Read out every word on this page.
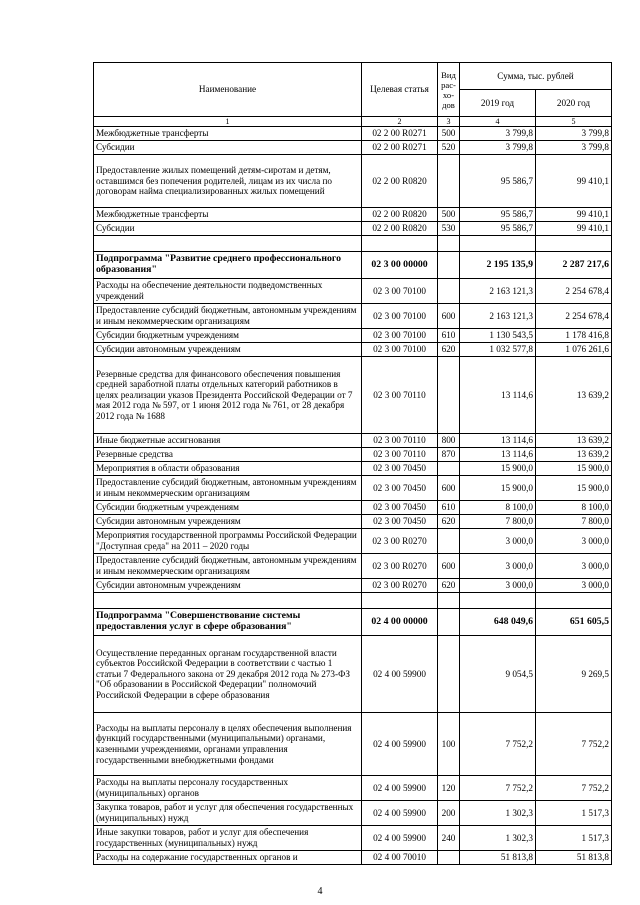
Наименование	Целевая статья	Вид рас-хо-дов	Сумма, тыс. рублей	
			2019 год	2020 год
1	2	3	4	5
Межбюджетные трансферты	02 2 00 R0271	500	3 799,8	3 799,8
Субсидии	02 2 00 R0271	520	3 799,8	3 799,8
Предоставление жилых помещений детям-сиротам и детям, оставшимся без попечения родителей, лицам из их числа по договорам найма специализированных жилых помещений	02 2 00 R0820		95 586,7	99 410,1
Межбюджетные трансферты	02 2 00 R0820	500	95 586,7	99 410,1
Субсидии	02 2 00 R0820	530	95 586,7	99 410,1

Подпрограмма "Развитие среднего профессионального образования"	02 3 00 00000		2 195 135,9	2 287 217,6
Расходы на обеспечение деятельности подведомственных учреждений	02 3 00 70100		2 163 121,3	2 254 678,4
Предоставление субсидий бюджетным, автономным учреждениям и иным некоммерческим организациям	02 3 00 70100	600	2 163 121,3	2 254 678,4
Субсидии бюджетным учреждениям	02 3 00 70100	610	1 130 543,5	1 178 416,8
Субсидии автономным учреждениям	02 3 00 70100	620	1 032 577,8	1 076 261,6
Резервные средства для финансового обеспечения повышения средней заработной платы отдельных категорий работников в целях реализации указов Президента Российской Федерации от 7 мая 2012 года № 597, от 1 июня 2012 года № 761, от 28 декабря 2012 года № 1688	02 3 00 70110		13 114,6	13 639,2
Иные бюджетные ассигнования	02 3 00 70110	800	13 114,6	13 639,2
Резервные средства	02 3 00 70110	870	13 114,6	13 639,2
Мероприятия в области образования	02 3 00 70450		15 900,0	15 900,0
Предоставление субсидий бюджетным, автономным учреждениям и иным некоммерческим организациям	02 3 00 70450	600	15 900,0	15 900,0
Субсидии бюджетным учреждениям	02 3 00 70450	610	8 100,0	8 100,0
Субсидии автономным учреждениям	02 3 00 70450	620	7 800,0	7 800,0
Мероприятия государственной программы Российской Федерации "Доступная среда" на 2011 – 2020 годы	02 3 00 R0270		3 000,0	3 000,0
Предоставление субсидий бюджетным, автономным учреждениям и иным некоммерческим организациям	02 3 00 R0270	600	3 000,0	3 000,0
Субсидии автономным учреждениям	02 3 00 R0270	620	3 000,0	3 000,0

Подпрограмма "Совершенствование системы предоставления услуг в сфере образования"	02 4 00 00000		648 049,6	651 605,5
Осуществление переданных органам государственной власти субъектов Российской Федерации в соответствии с частью 1 статьи 7 Федерального закона от 29 декабря 2012 года № 273-ФЗ "Об образовании в Российской Федерации" полномочий Российской Федерации в сфере образования	02 4 00 59900		9 054,5	9 269,5
Расходы на выплаты персоналу в целях обеспечения выполнения функций государственными (муниципальными) органами, казенными учреждениями, органами управления государственными внебюджетными фондами	02 4 00 59900	100	7 752,2	7 752,2
Расходы на выплаты персоналу государственных (муниципальных) органов	02 4 00 59900	120	7 752,2	7 752,2
Закупка товаров, работ и услуг для обеспечения государственных (муниципальных) нужд	02 4 00 59900	200	1 302,3	1 517,3
Иные закупки товаров, работ и услуг для обеспечения государственных (муниципальных) нужд	02 4 00 59900	240	1 302,3	1 517,3
Расходы на содержание государственных органов и	02 4 00 70010		51 813,8	51 813,8
4
